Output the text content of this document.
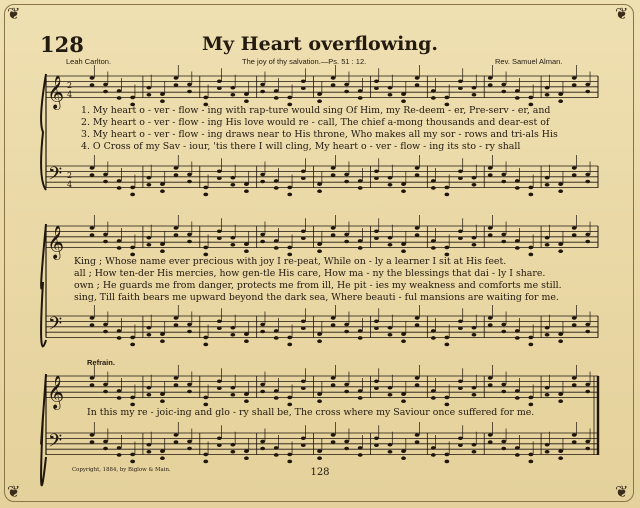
❦	❦
❦	❦
128	My Heart overflowing.
Leah Carlton.	The joy of thy salvation.—Ps. 51 : 12.	Rev. Samuel Alman.
𝄞
𝄢
2
4
2
4
𝄞
𝄢
𝄞
𝄢
1. My heart o - ver - flow - ing with rap-ture would sing Of Him, my Re-deem - er, Pre-serv - er, and
2. My heart o - ver - flow - ing His love would re - call, The chief a-mong thousands and dear-est of
3. My heart o - ver - flow - ing draws near to His throne, Who makes all my sor - rows and tri-als His
4. O Cross of my Sav - iour, 'tis there I will cling, My heart o - ver - flow - ing its sto - ry shall
King ; Whose name ever precious with joy I re-peat, While on - ly a learner I sit at His feet.
all ; How ten-der His mercies, how gen-tle His care, How ma - ny the blessings that dai - ly I share.
own ; He guards me from danger, protects me from ill, He pit - ies my weakness and comforts me still.
sing, Till faith bears me upward beyond the dark sea, Where beauti - ful mansions are waiting for me.
Refrain.
In this my re - joic-ing and glo - ry shall be, The cross where my Saviour once suffered for me.
Copyright, 1884, by Biglow & Main.	128
